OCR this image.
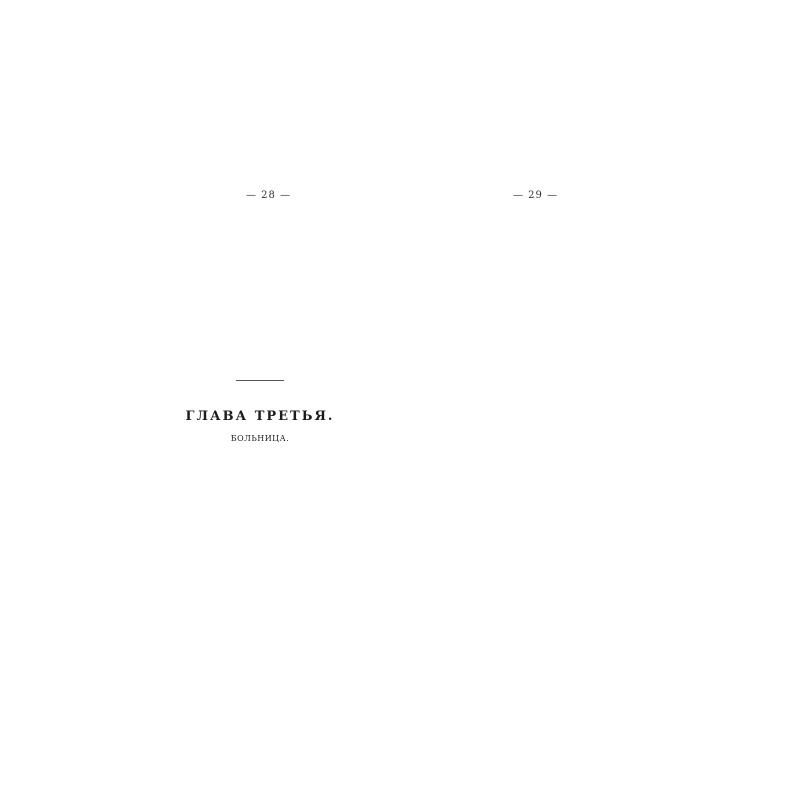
— 28 —	— 29 —
ГЛАВА ТРЕТЬЯ.
БОЛЬНИЦА.
